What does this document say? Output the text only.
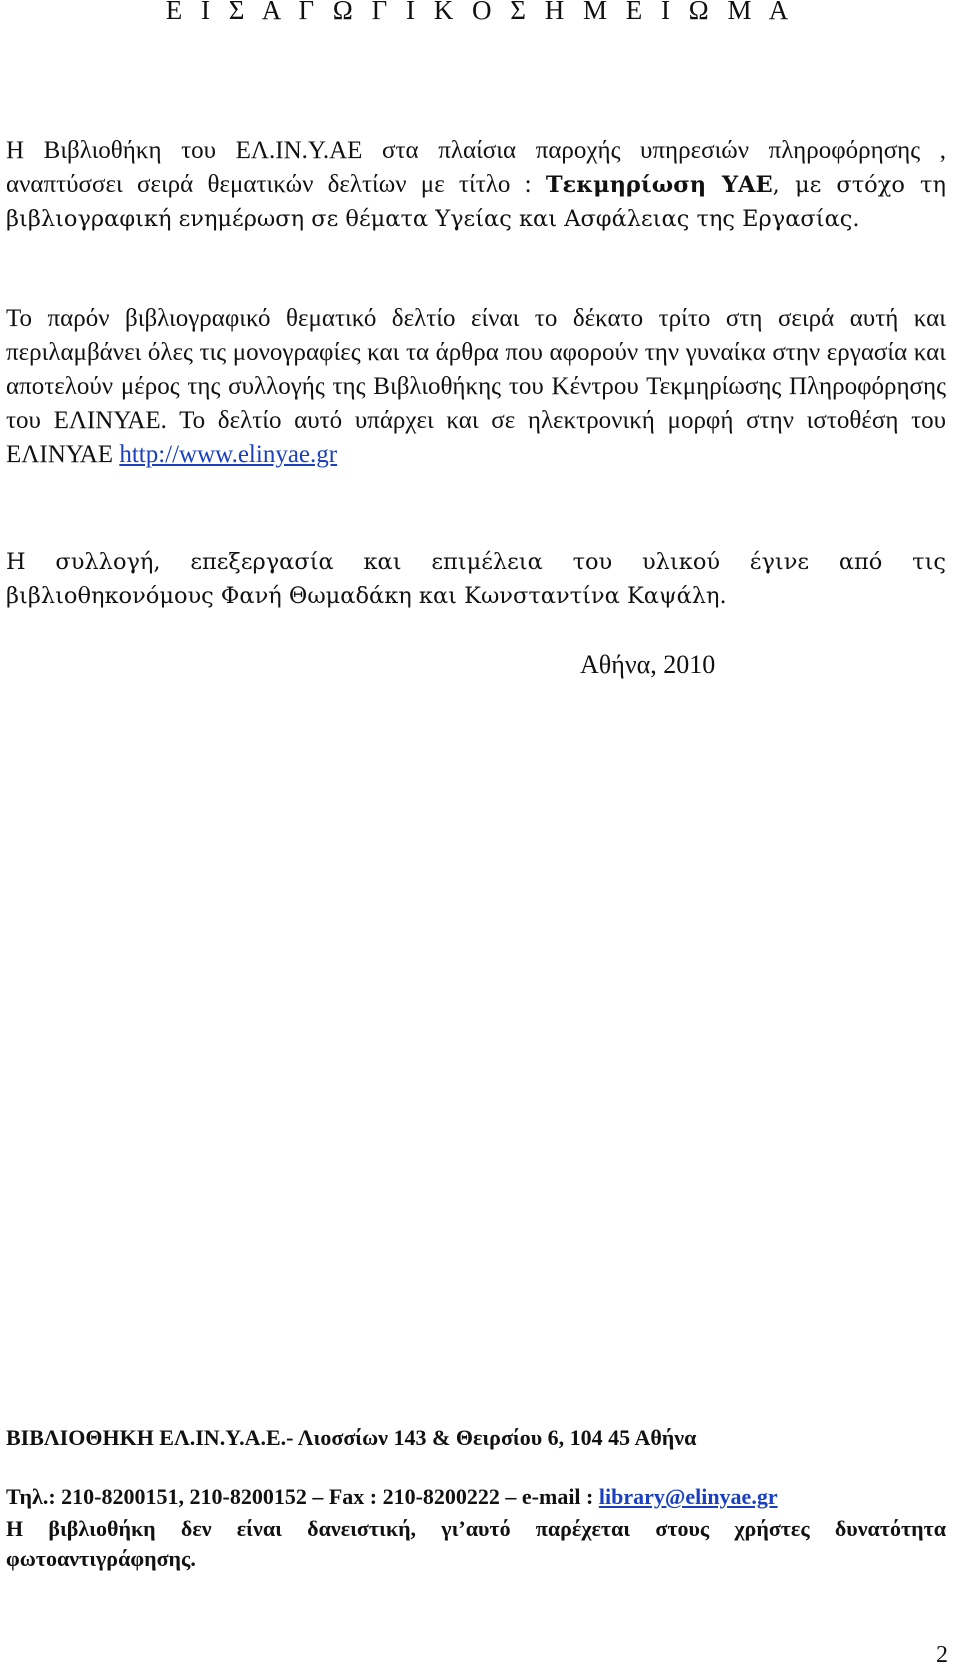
Ε Ι Σ Α Γ Ω Γ Ι Κ Ο Σ Η Μ Ε Ι Ω Μ Α

Η Βιβλιοθήκη του ΕΛ.ΙΝ.Υ.ΑΕ στα πλαίσια παροχής υπηρεσιών πληροφόρησης , αναπτύσσει σειρά θεματικών δελτίων με τίτλο : Τεκμηρίωση ΥΑΕ, με στόχο τη βιβλιογραφική ενημέρωση σε θέματα Υγείας και Ασφάλειας της Εργασίας.

Το παρόν βιβλιογραφικό θεματικό δελτίο είναι το δέκατο τρίτο στη σειρά αυτή και περιλαμβάνει όλες τις μονογραφίες και τα άρθρα που αφορούν την γυναίκα στην εργασία και αποτελούν μέρος της συλλογής της Βιβλιοθήκης του Κέντρου Τεκμηρίωσης Πληροφόρησης του ΕΛΙΝΥΑΕ. Το δελτίο αυτό υπάρχει και σε ηλεκτρονική μορφή στην ιστοθέση του ΕΛΙΝΥΑΕ http://www.elinyae.gr

Η συλλογή, επεξεργασία και επιμέλεια του υλικού έγινε από τις βιβλιοθηκονόμους Φανή Θωμαδάκη και Κωνσταντίνα Καψάλη.

Αθήνα, 2010

ΒΙΒΛΙΟΘΗΚΗ ΕΛ.ΙΝ.Υ.Α.Ε.- Λιοσσίων 143 & Θειρσίου 6, 104 45 Αθήνα

Τηλ.: 210-8200151, 210-8200152 – Fax : 210-8200222 – e-mail : library@elinyae.gr

Η βιβλιοθήκη δεν είναι δανειστική, γι’αυτό παρέχεται στους χρήστες δυνατότητα φωτοαντιγράφησης.

2
